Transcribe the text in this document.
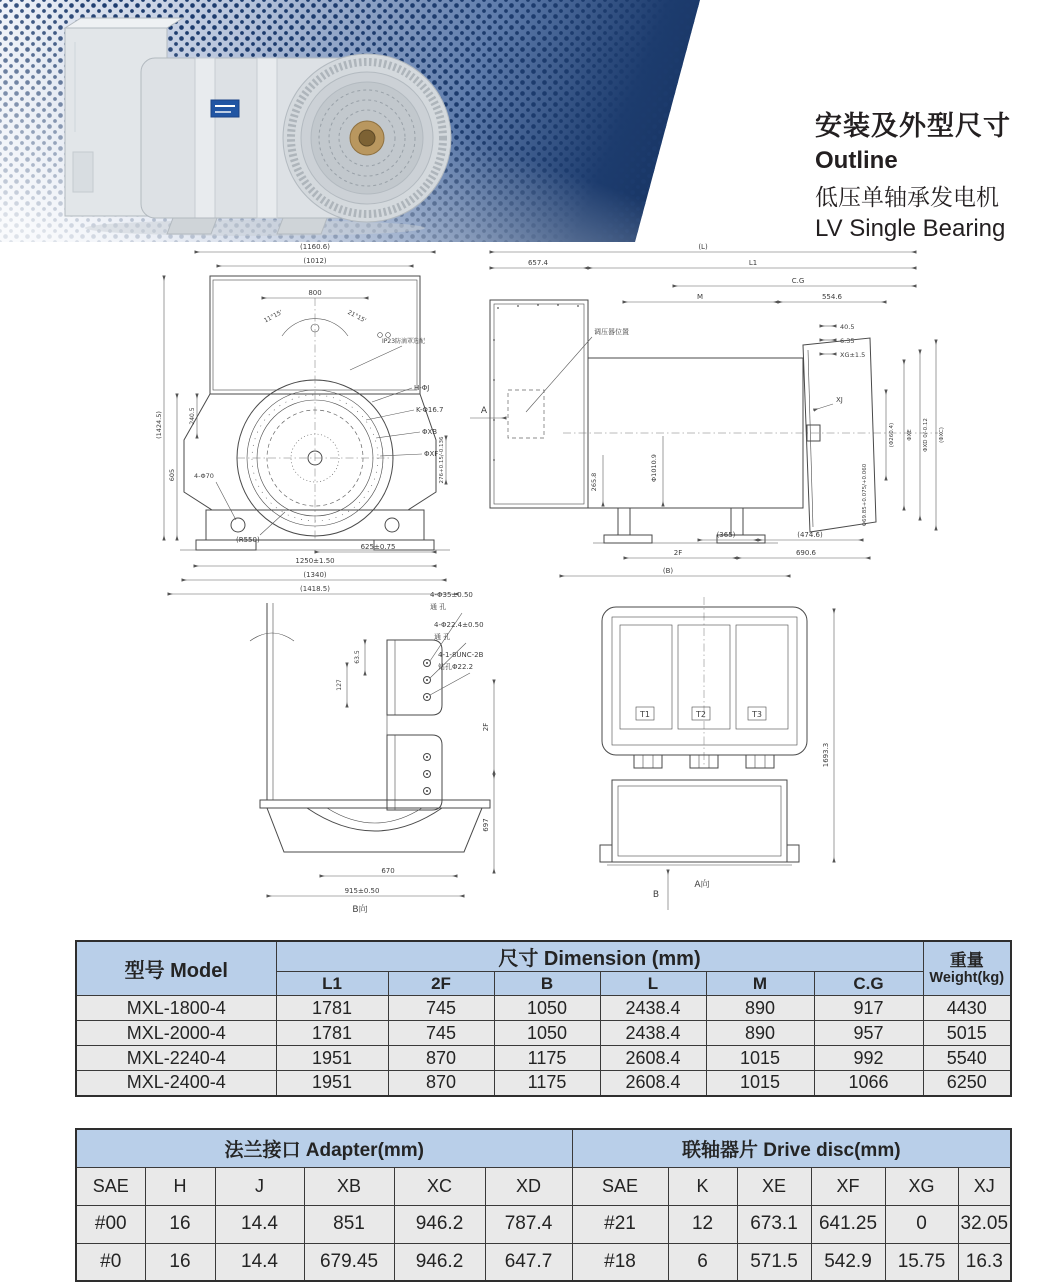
安装及外型尺寸
Outline
低压单轴承发电机
LV Single Bearing
(1160.6)
(1012)
800
11°15'	21°15'
IP23防滴罩选配
H-ΦJ
K-Φ16.7
ΦXB
ΦXF
(1424.5)
605
240.5
4-Φ70	276+0.15/-0.136
(R550)
625±0.75
1250±1.50
(1340)
(1418.5)
(L)
657.4	L1
C.G
M	554.6
调压器位置
40.5
6.35
XG±1.5
XJ
(Φ260.4) ΦXE ΦXD 0/-0.12 (ΦXC)
Φ69.85+0.075/+0.060
Φ1010.9
265.8
(365)	(474.6)
2F	690.6
(B)
A
4-Φ35±0.50
通 孔
4-Φ22.4±0.50
通 孔
4-1-8UNC-2B
钻孔Φ22.2
63.5
127
2F
697
670
915±0.50
B向
T1	T2	T3
1693.3
A向
B
型号 Model	尺寸 Dimension (mm)						重量
Weight(kg)

	L1	2F	B	L	M	C.G	
MXL-1800-4	1781	745	1050	2438.4	890	917	4430
MXL-2000-4	1781	745	1050	2438.4	890	957	5015
MXL-2240-4	1951	870	1175	2608.4	1015	992	5540
MXL-2400-4	1951	870	1175	2608.4	1015	1066	6250
法兰接口 Adapter(mm)						联轴器片 Drive disc(mm)					
SAE	H	J	XB	XC	XD	SAE	K	XE	XF	XG	XJ
#00	16	14.4	851	946.2	787.4	#21	12	673.1	641.25	0	32.05
#0	16	14.4	679.45	946.2	647.7	#18	6	571.5	542.9	15.75	16.3
